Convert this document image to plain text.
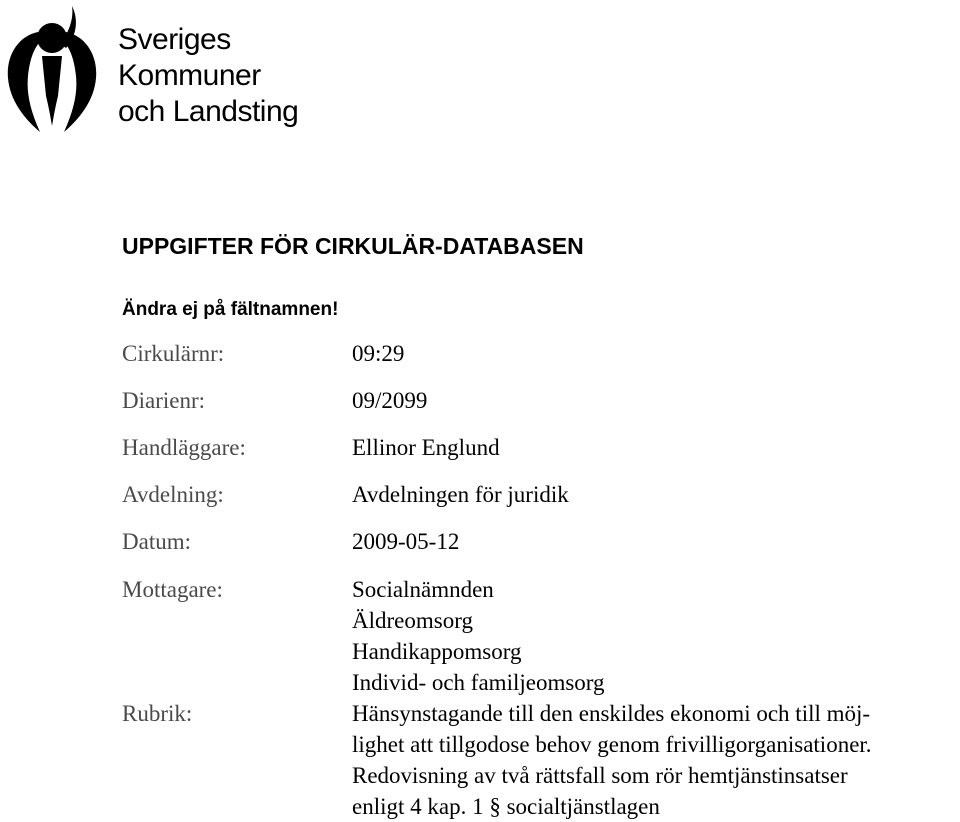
Sveriges
Kommuner
och Landsting
UPPGIFTER FÖR CIRKULÄR-DATABASEN
Ändra ej på fältnamnen!
Cirkulärnr:	09:29
Diarienr:	09/2099
Handläggare:	Ellinor Englund
Avdelning:	Avdelningen för juridik
Datum:	2009-05-12
Mottagare:	Socialnämnden
Äldreomsorg
Handikappomsorg
Individ- och familjeomsorg
Rubrik:	Hänsynstagande till den enskildes ekonomi och till möj-
lighet att tillgodose behov genom frivilligorganisationer.
Redovisning av två rättsfall som rör hemtjänstinsatser
enligt 4 kap. 1 § socialtjänstlagen
